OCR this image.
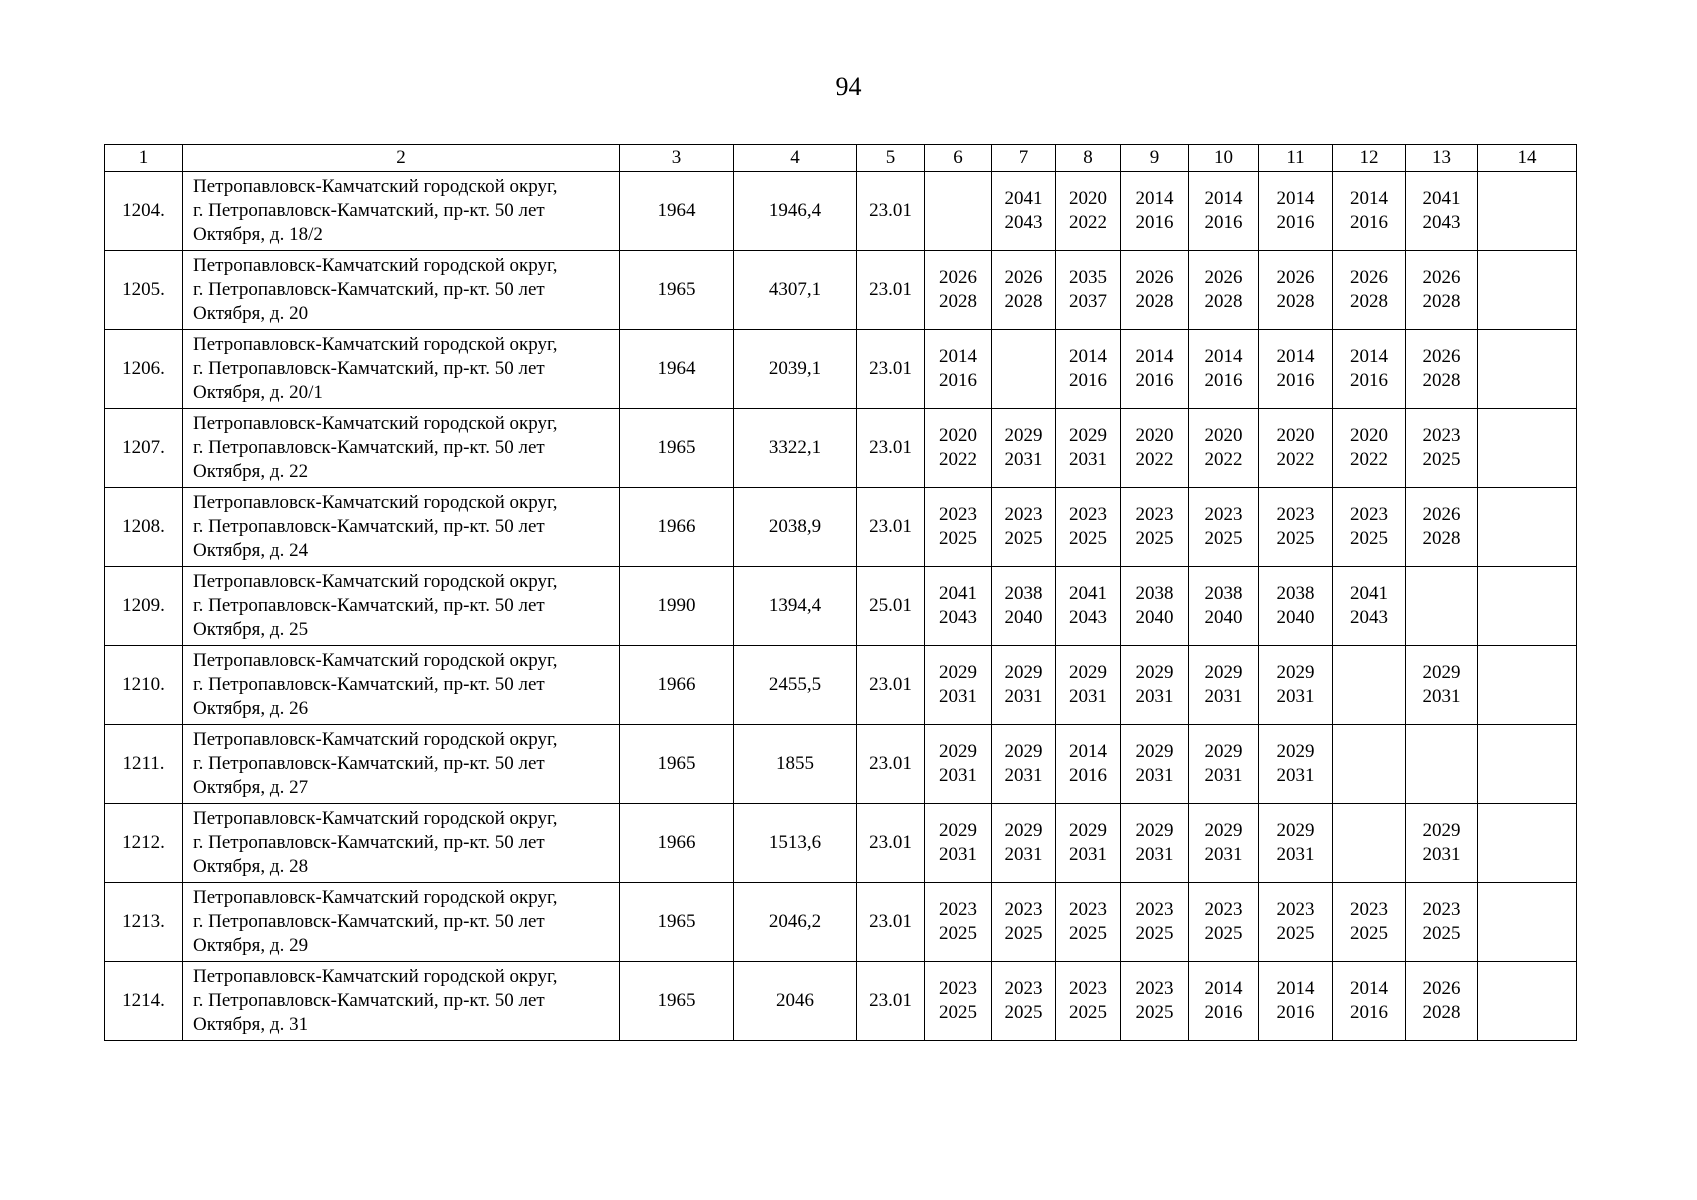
94
1	2	3	4	5	6	7	8	9	10	11	12	13	14
1204.	Петропавловск-Камчатский городской округ,
г. Петропавловск-Камчатский, пр-кт. 50 лет
Октября, д. 18/2	1964	1946,4	23.01		2041
2043	2020
2022	2014
2016	2014
2016	2014
2016	2014
2016	2041
2043	

1205.	Петропавловск-Камчатский городской округ,
г. Петропавловск-Камчатский, пр-кт. 50 лет
Октября, д. 20	1965	4307,1	23.01	2026
2028	2026
2028	2035
2037	2026
2028	2026
2028	2026
2028	2026
2028	2026
2028	

1206.	Петропавловск-Камчатский городской округ,
г. Петропавловск-Камчатский, пр-кт. 50 лет
Октября, д. 20/1	1964	2039,1	23.01	2014
2016		2014
2016	2014
2016	2014
2016	2014
2016	2014
2016	2026
2028	

1207.	Петропавловск-Камчатский городской округ,
г. Петропавловск-Камчатский, пр-кт. 50 лет
Октября, д. 22	1965	3322,1	23.01	2020
2022	2029
2031	2029
2031	2020
2022	2020
2022	2020
2022	2020
2022	2023
2025	

1208.	Петропавловск-Камчатский городской округ,
г. Петропавловск-Камчатский, пр-кт. 50 лет
Октября, д. 24	1966	2038,9	23.01	2023
2025	2023
2025	2023
2025	2023
2025	2023
2025	2023
2025	2023
2025	2026
2028	

1209.	Петропавловск-Камчатский городской округ,
г. Петропавловск-Камчатский, пр-кт. 50 лет
Октября, д. 25	1990	1394,4	25.01	2041
2043	2038
2040	2041
2043	2038
2040	2038
2040	2038
2040	2041
2043		

1210.	Петропавловск-Камчатский городской округ,
г. Петропавловск-Камчатский, пр-кт. 50 лет
Октября, д. 26	1966	2455,5	23.01	2029
2031	2029
2031	2029
2031	2029
2031	2029
2031	2029
2031		2029
2031	

1211.	Петропавловск-Камчатский городской округ,
г. Петропавловск-Камчатский, пр-кт. 50 лет
Октября, д. 27	1965	1855	23.01	2029
2031	2029
2031	2014
2016	2029
2031	2029
2031	2029
2031			

1212.	Петропавловск-Камчатский городской округ,
г. Петропавловск-Камчатский, пр-кт. 50 лет
Октября, д. 28	1966	1513,6	23.01	2029
2031	2029
2031	2029
2031	2029
2031	2029
2031	2029
2031		2029
2031	

1213.	Петропавловск-Камчатский городской округ,
г. Петропавловск-Камчатский, пр-кт. 50 лет
Октября, д. 29	1965	2046,2	23.01	2023
2025	2023
2025	2023
2025	2023
2025	2023
2025	2023
2025	2023
2025	2023
2025	

1214.	Петропавловск-Камчатский городской округ,
г. Петропавловск-Камчатский, пр-кт. 50 лет
Октября, д. 31	1965	2046	23.01	2023
2025	2023
2025	2023
2025	2023
2025	2014
2016	2014
2016	2014
2016	2026
2028	
